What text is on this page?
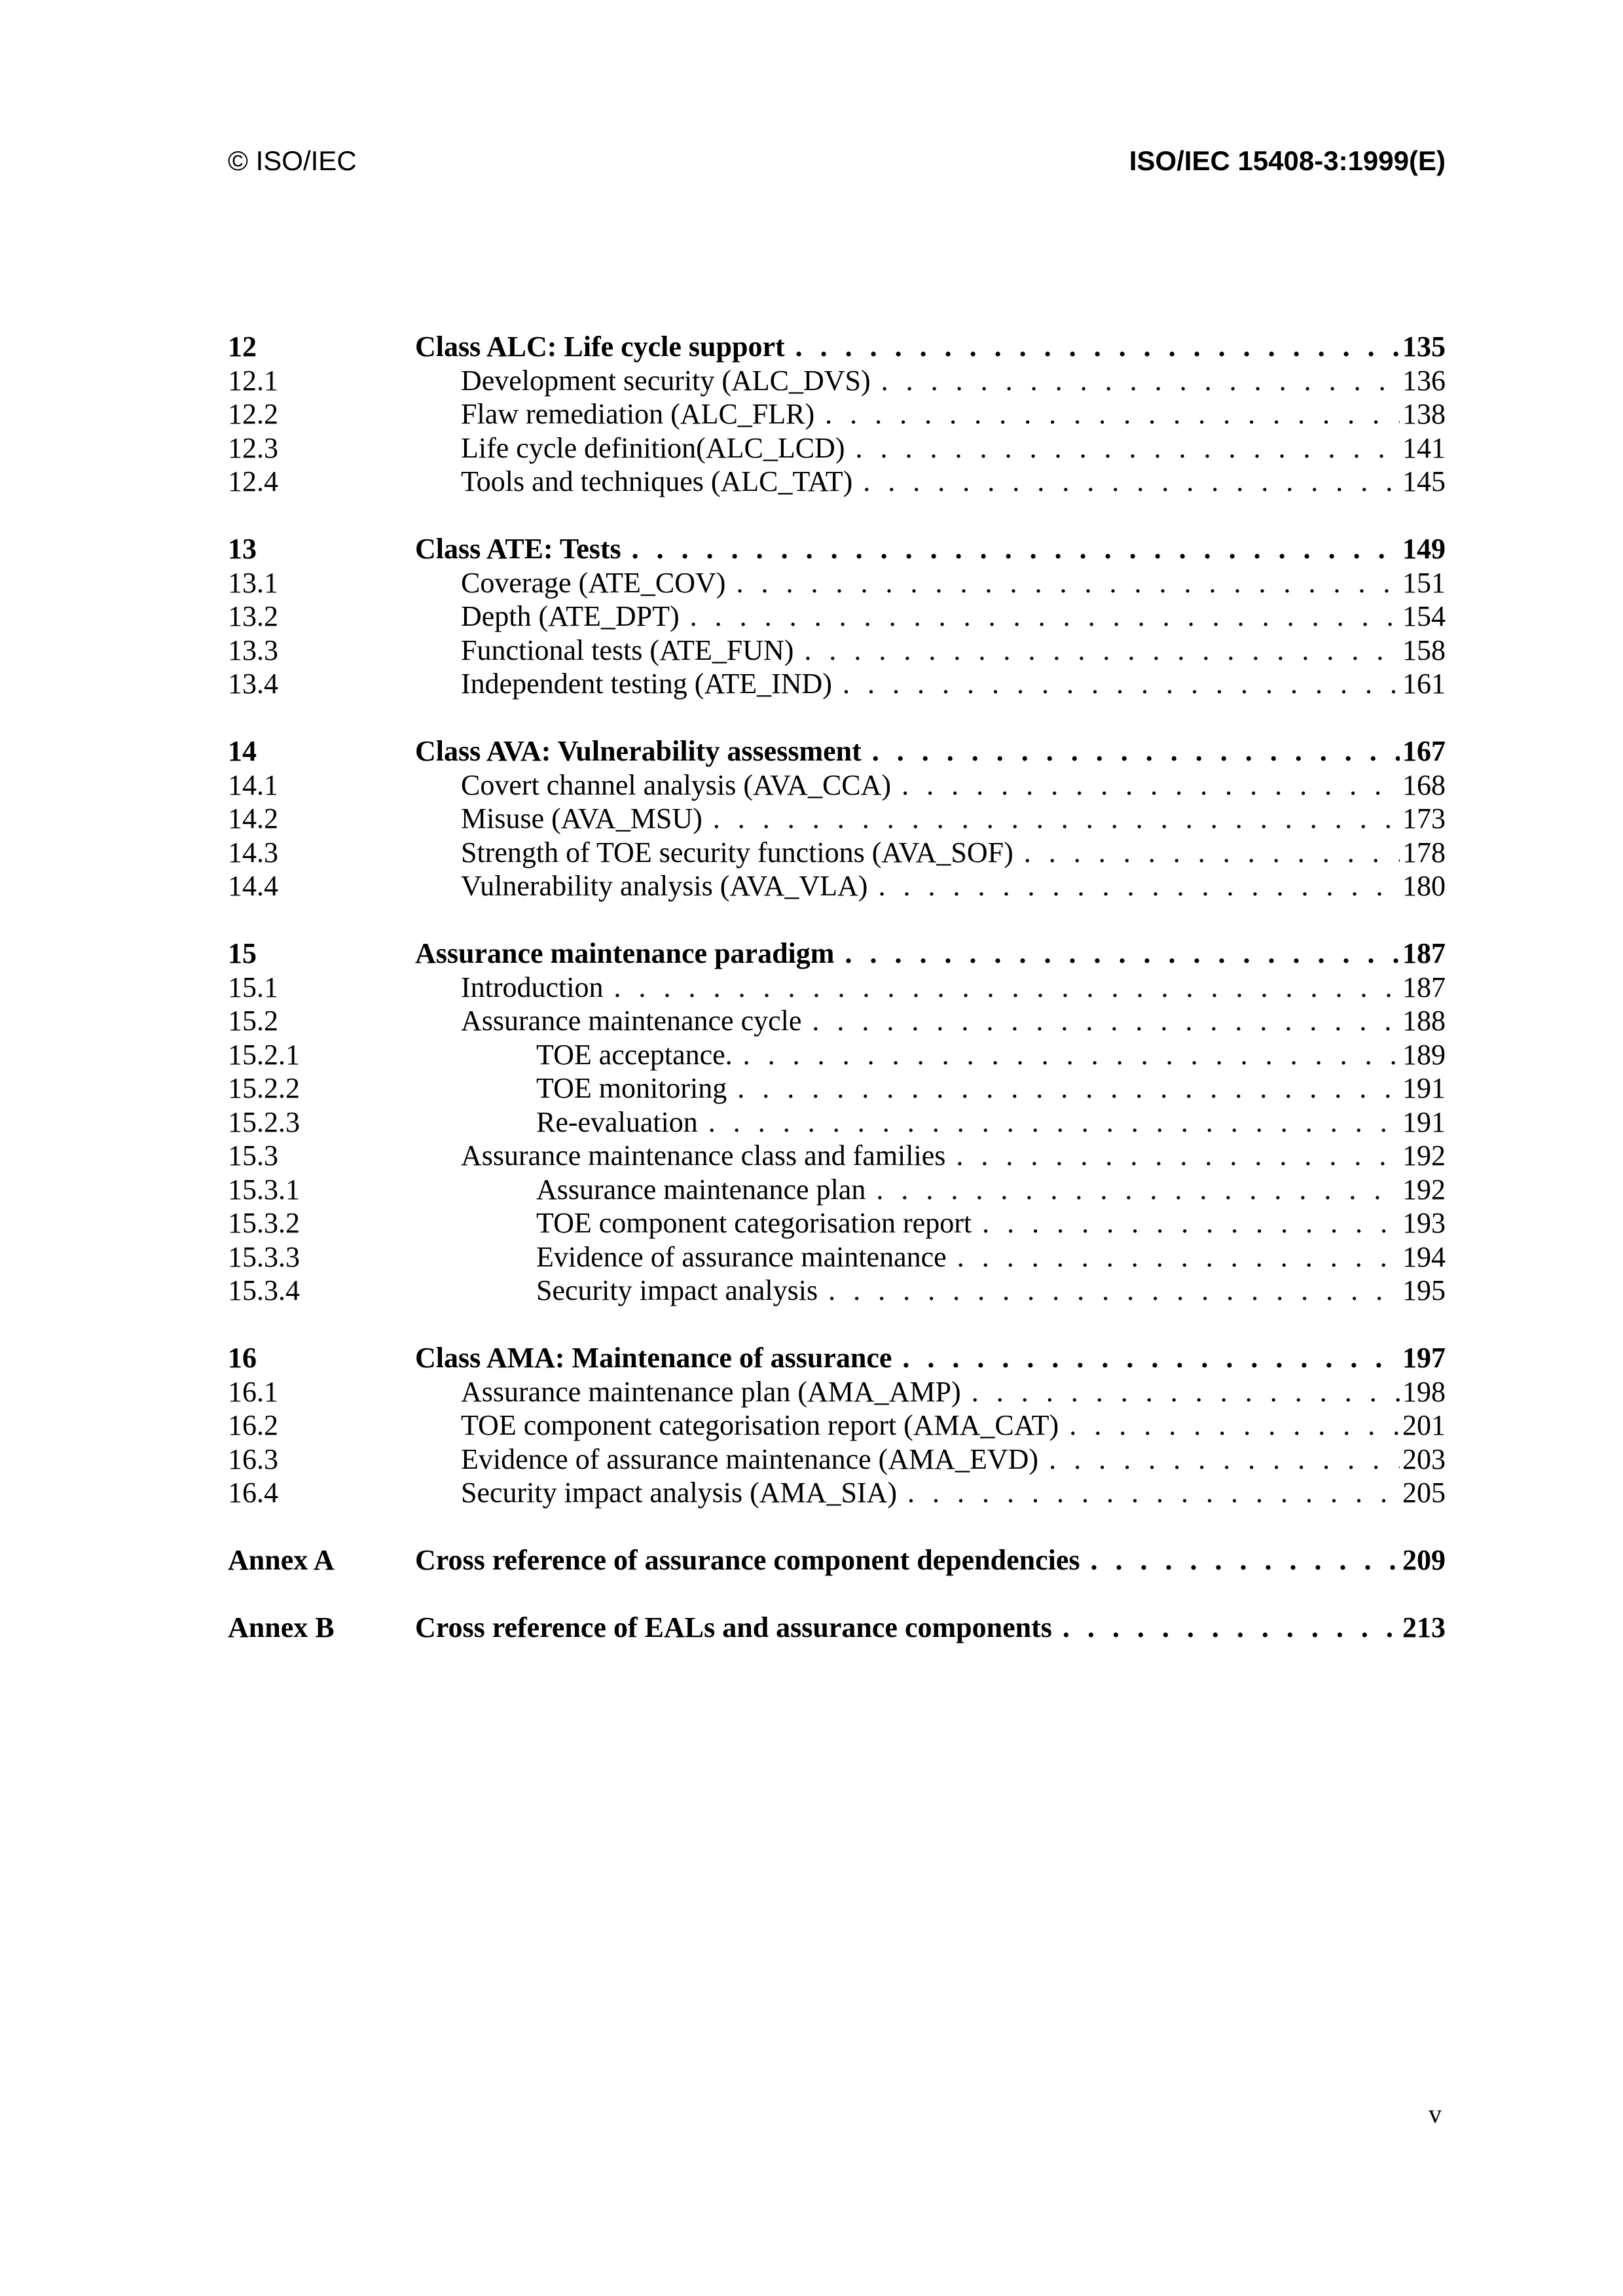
© ISO/IEC	ISO/IEC 15408-3:1999(E)
12	Class ALC: Life cycle support . . .	135
12.1	Development security (ALC_DVS) . . .	136
12.2	Flaw remediation (ALC_FLR) . . .	138
12.3	Life cycle definition(ALC_LCD) . . .	141
12.4	Tools and techniques (ALC_TAT) . . .	145
13	Class ATE: Tests . . .	149
13.1	Coverage (ATE_COV) . . .	151
13.2	Depth (ATE_DPT) . . .	154
13.3	Functional tests (ATE_FUN) . . .	158
13.4	Independent testing (ATE_IND) . . .	161
14	Class AVA: Vulnerability assessment . . .	167
14.1	Covert channel analysis (AVA_CCA) . . .	168
14.2	Misuse (AVA_MSU) . . .	173
14.3	Strength of TOE security functions (AVA_SOF) . . .	178
14.4	Vulnerability analysis (AVA_VLA) . . .	180
15	Assurance maintenance paradigm . . .	187
15.1	Introduction . . .	187
15.2	Assurance maintenance cycle . . .	188
15.2.1	TOE acceptance. . . .	189
15.2.2	TOE monitoring . . .	191
15.2.3	Re-evaluation . . .	191
15.3	Assurance maintenance class and families . . .	192
15.3.1	Assurance maintenance plan . . .	192
15.3.2	TOE component categorisation report . . .	193
15.3.3	Evidence of assurance maintenance . . .	194
15.3.4	Security impact analysis . . .	195
16	Class AMA: Maintenance of assurance . . .	197
16.1	Assurance maintenance plan (AMA_AMP) . . .	198
16.2	TOE component categorisation report (AMA_CAT) . . .	201
16.3	Evidence of assurance maintenance (AMA_EVD) . . .	203
16.4	Security impact analysis (AMA_SIA) . . .	205
Annex A	Cross reference of assurance component dependencies . . .	209
Annex B	Cross reference of EALs and assurance components . . .	213
v
